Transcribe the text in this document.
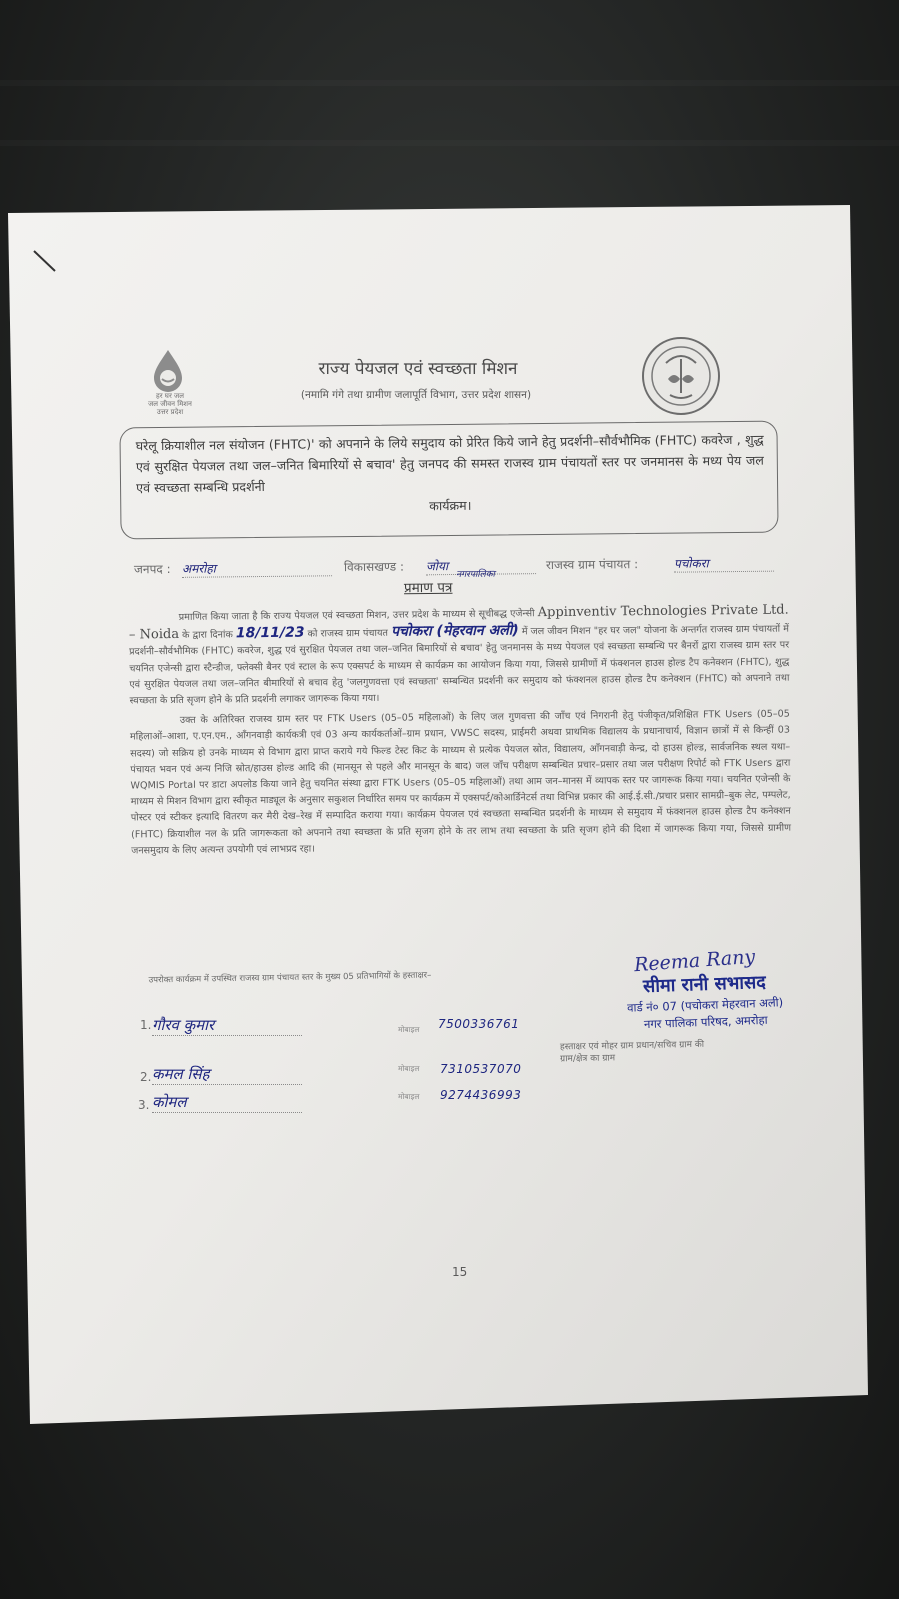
हर घर जल
जल जीवन मिशन
उत्तर प्रदेश
राज्य पेयजल एवं स्वच्छता मिशन
(नमामि गंगे तथा ग्रामीण जलापूर्ति विभाग, उत्तर प्रदेश शासन)
घरेलू क्रियाशील नल संयोजन (FHTC)' को अपनाने के लिये समुदाय को प्रेरित किये जाने हेतु प्रदर्शनी–सौर्वभौमिक (FHTC) कवरेज , शुद्ध एवं सुरक्षित पेयजल तथा जल–जनित बिमारियों से बचाव' हेतु जनपद की समस्त राजस्व ग्राम पंचायतों स्तर पर जनमानस के मध्य पेय जल एवं स्वच्छता सम्बन्धि प्रदर्शनी
कार्यक्रम।
जनपद : अमरोहा	विकासखण्ड : जोया
नगरपालिका
राजस्व ग्राम पंचायत :	पचोकरा
प्रमाण पत्र

प्रमाणित किया जाता है कि राज्य पेयजल एवं स्वच्छता मिशन, उत्तर प्रदेश के माध्यम से सूचीबद्ध एजेन्सी Appinventiv Technologies Private Ltd. – Noida के द्वारा दिनांक 18/11/23 को राजस्व ग्राम पंचायत पचोकरा (मेहरवान अली) में जल जीवन मिशन "हर घर जल" योजना के अन्तर्गत राजस्व ग्राम पंचायतों में प्रदर्शनी–सौर्वभौमिक (FHTC) कवरेज, शुद्ध एवं सुरक्षित पेयजल तथा जल–जनित बिमारियों से बचाव' हेतु जनमानस के मध्य पेयजल एवं स्वच्छता सम्बन्धि पर बैनरों द्वारा राजस्व ग्राम स्तर पर चयनित एजेन्सी द्वारा स्टैन्डीज, फ्लेक्सी बैनर एवं स्टाल के रूप एक्सपर्ट के माध्यम से कार्यक्रम का आयोजन किया गया, जिससे ग्रामीणों में फंक्शनल हाउस होल्ड टैप कनेक्शन (FHTC), शुद्ध एवं सुरक्षित पेयजल तथा जल–जनित बीमारियों से बचाव हेतु 'जलगुणवत्ता एवं स्वच्छता' सम्बन्धित प्रदर्शनी कर समुदाय को फंक्शनल हाउस होल्ड टैप कनेक्शन (FHTC) को अपनाने तथा स्वच्छता के प्रति सृजग होने के प्रति प्रदर्शनी लगाकर जागरूक किया गया।

उक्त के अतिरिक्त राजस्व ग्राम स्तर पर FTK Users (05–05 महिलाओं) के लिए जल गुणवत्ता की जाँच एवं निगरानी हेतु पंजीकृत/प्रशिक्षित FTK Users (05–05 महिलाओं–आशा, ए.एन.एम., आँगनवाड़ी कार्यकत्री एवं 03 अन्य कार्यकर्ताओं–ग्राम प्रधान, VWSC सदस्य, प्राईमरी अथवा प्राथमिक विद्यालय के प्रधानाचार्य, विज्ञान छात्रों में से किन्हीं 03 सदस्य) जो सक्रिय हो उनके माध्यम से विभाग द्वारा प्राप्त कराये गये फिल्ड टेस्ट किट के माध्यम से प्रत्येक पेयजल स्रोत, विद्यालय, आँगनवाड़ी केन्द्र, दो हाउस होल्ड, सार्वजनिक स्थल यथा–पंचायत भवन एवं अन्य निजि स्रोत/हाउस होल्ड आदि की (मानसून से पहले और मानसून के बाद) जल जाँच परीक्षण सम्बन्धित प्रचार–प्रसार तथा जल परीक्षण रिपोर्ट को FTK Users द्वारा WQMIS Portal पर डाटा अपलोड किया जाने हेतु चयनित संस्था द्वारा FTK Users (05–05 महिलाओं) तथा आम जन–मानस में व्यापक स्तर पर जागरूक किया गया। चयनित एजेन्सी के माध्यम से मिशन विभाग द्वारा स्वीकृत माड्यूल के अनुसार सकुशल निर्धारित समय पर कार्यक्रम में एक्सपर्ट/कोआर्डिनेटर्स तथा विभिन्न प्रकार की आई.ई.सी./प्रचार प्रसार सामग्री–बुक लेट, पम्पलेट, पोस्टर एवं स्टीकर इत्यादि वितरण कर मैरी देख–रेख में सम्पादित कराया गया। कार्यक्रम पेयजल एवं स्वच्छता सम्बन्धित प्रदर्शनी के माध्यम से समुदाय में फंक्शनल हाउस होल्ड टैप कनेक्शन (FHTC) क्रियाशील नल के प्रति जागरूकता को अपनाने तथा स्वच्छता के प्रति सृजग होने के तर लाभ तथा स्वच्छता के प्रति सृजग होने की दिशा में जागरूक किया गया, जिससे ग्रामीण जनसमुदाय के लिए अत्यन्त उपयोगी एवं लाभप्रद रहा।

Reema Rany
सीमा रानी सभासद
वार्ड नं० 07 (पचोकरा मेहरवान अली)
नगर पालिका परिषद, अमरोहा
हस्ताक्षर एवं मोहर ग्राम प्रधान/सचिव ग्राम की ग्राम/क्षेत्र का ग्राम
उपरोक्त कार्यक्रम में उपस्थित राजस्व ग्राम पंचायत स्तर के मुख्य 05 प्रतिभागियों के हस्ताक्षर–
1. गौरव कुमार	मोबाइल 7500336761
2. कमल सिंह	मोबाइल 7310537070
3. कोमल	मोबाइल 9274436993
15
